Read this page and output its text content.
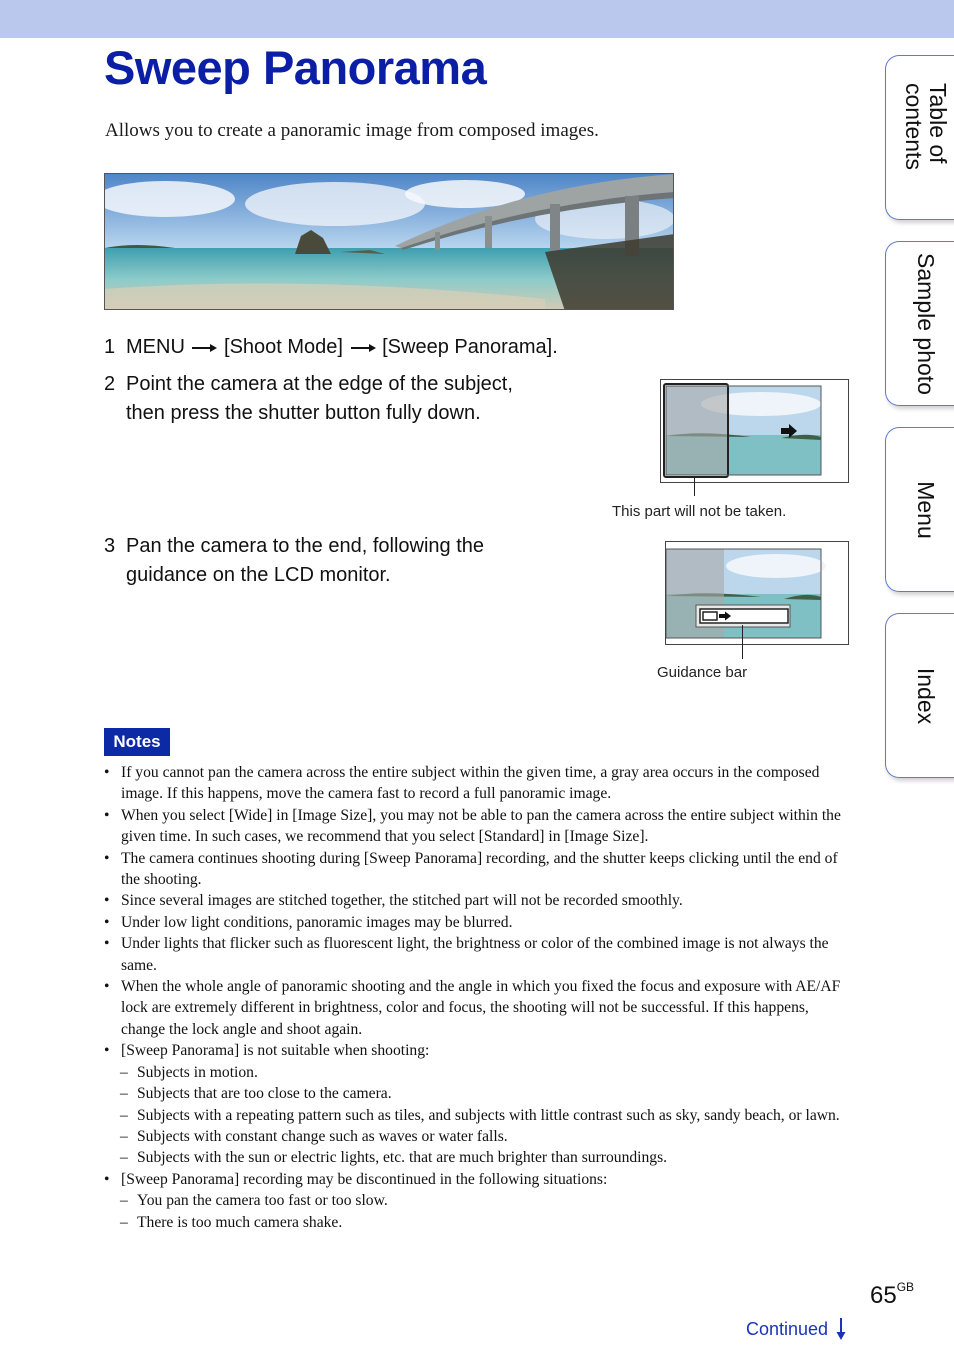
Sweep Panorama

Allows you to create a panoramic image from composed images.

1 MENU [Shoot Mode] [Sweep Panorama].
2 Point the camera at the edge of the subject,
then press the shutter button fully down.
This part will not be taken.
3 Pan the camera to the end, following the
guidance on the LCD monitor.
Guidance bar
Notes
• If you cannot pan the camera across the entire subject within the given time, a gray area occurs in the composed image. If this happens, move the camera fast to record a full panoramic image.
• When you select [Wide] in [Image Size], you may not be able to pan the camera across the entire subject within the given time. In such cases, we recommend that you select [Standard] in [Image Size].
• The camera continues shooting during [Sweep Panorama] recording, and the shutter keeps clicking until the end of the shooting.
• Since several images are stitched together, the stitched part will not be recorded smoothly.
• Under low light conditions, panoramic images may be blurred.
• Under lights that flicker such as fluorescent light, the brightness or color of the combined image is not always the same.
• When the whole angle of panoramic shooting and the angle in which you fixed the focus and exposure with AE/AF lock are extremely different in brightness, color and focus, the shooting will not be successful. If this happens, change the lock angle and shoot again.
• [Sweep Panorama] is not suitable when shooting:
– Subjects in motion.
– Subjects that are too close to the camera.
– Subjects with a repeating pattern such as tiles, and subjects with little contrast such as sky, sandy beach, or lawn.
– Subjects with constant change such as waves or water falls.
– Subjects with the sun or electric lights, etc. that are much brighter than surroundings.
• [Sweep Panorama] recording may be discontinued in the following situations:
– You pan the camera too fast or too slow.
– There is too much camera shake.
Table of contents
Sample photo
Menu
Index
$65^{GB}$
Continued
